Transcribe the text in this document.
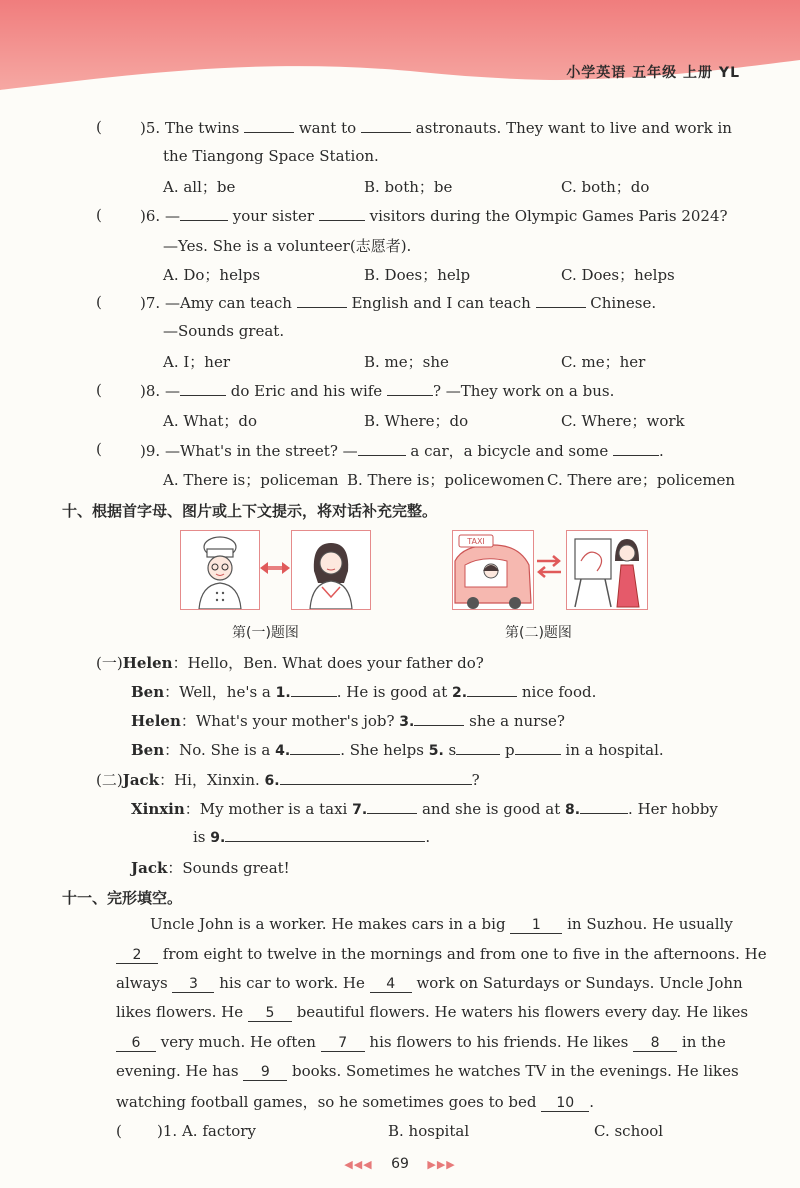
小学英语 五年级 上册 YL
(	)5. The twins	want to	astronauts. They want to live and work in
the Tiangong Space Station.
A. all；be	B. both；be	C. both；do
(	)6. —	your sister	visitors during the Olympic Games Paris 2024?
—Yes. She is a volunteer(志愿者).
A. Do；helps	B. Does；help	C. Does；helps
(	)7. —Amy can teach	English and I can teach	Chinese.
—Sounds great.
A. I；her	B. me；she	C. me；her
(	)8. —	do Eric and his wife	? —They work on a bus.
A. What；do	B. Where；do	C. Where；work
(	)9. —What's in the street? —	a car，a bicycle and some	.
A. There is；policeman B. There is；policewomen C. There are；policemen
十、根据首字母、图片或上下文提示，将对话补充完整。
第(一)题图
TAXI
第(二)题图
(一)Helen：Hello，Ben. What does your father do?
Ben：Well，he's a 1.	. He is good at 2.	nice food.
Helen：What's your mother's job? 3.	she a nurse?
Ben：No. She is a 4.	. She helps 5. s	p	in a hospital.
(二)Jack：Hi，Xinxin. 6.	?
Xinxin：My mother is a taxi 7.	and she is good at 8.	. Her hobby
is 9.	.
Jack：Sounds great!
十一、完形填空。
Uncle John is a worker. He makes cars in a big 1 in Suzhou. He usually
2 from eight to twelve in the mornings and from one to five in the afternoons. He
always 3 his car to work. He 4 work on Saturdays or Sundays. Uncle John
likes flowers. He 5 beautiful flowers. He waters his flowers every day. He likes
6 very much. He often 7 his flowers to his friends. He likes 8 in the
evening. He has 9 books. Sometimes he watches TV in the evenings. He likes
watching football games，so he sometimes goes to bed 10 .
( )1. A. factory	B. hospital	C. school
◀◀◀ 69 ▶▶▶
